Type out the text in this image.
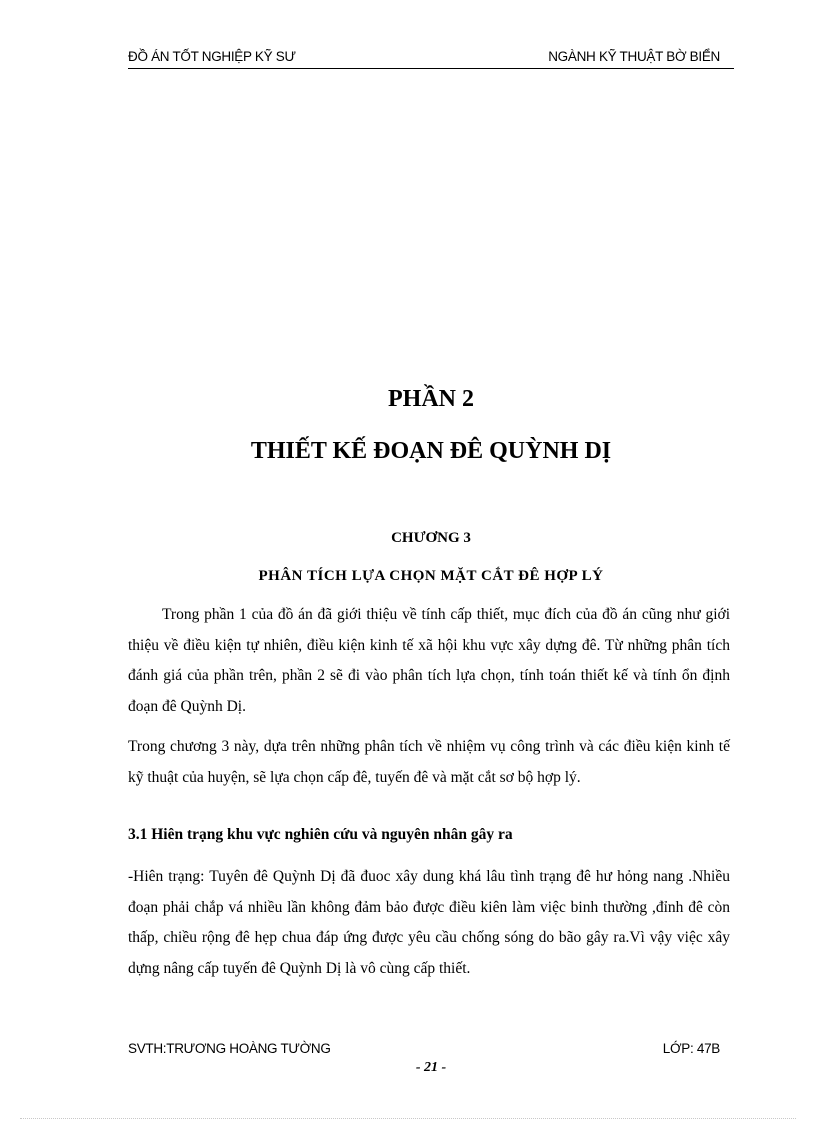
ĐỒ ÁN TỐT NGHIỆP KỸ SƯ	NGÀNH KỸ THUẬT BỜ BIỂN
PHẦN 2
THIẾT KẾ ĐOẠN ĐÊ QUỲNH DỊ
CHƯƠNG 3
PHÂN TÍCH LỰA CHỌN MẶT CẮT ĐÊ HỢP LÝ
Trong phần 1 của đồ án đã giới thiệu về tính cấp thiết, mục đích của đồ án cũng như giới thiệu về điều kiện tự nhiên, điều kiện kinh tế xã hội khu vực xây dựng đê. Từ những phân tích đánh giá của phần trên, phần 2 sẽ đi vào phân tích lựa chọn, tính toán thiết kế và tính ổn định đoạn đê Quỳnh Dị.
Trong chương 3 này, dựa trên những phân tích về nhiệm vụ công trình và các điều kiện kinh tế kỹ thuật của huyện, sẽ lựa chọn cấp đê, tuyến đê và mặt cắt sơ bộ hợp lý.
3.1 Hiên trạng khu vực nghiên cứu và nguyên nhân gây ra
-Hiên trạng: Tuyên đê Quỳnh Dị đã đuoc xây dung khá lâu tình trạng đê hư hỏng nang .Nhiều đoạn phải chắp vá nhiều lần không đảm bảo được điều kiên làm việc binh thường ,đỉnh đê còn thấp, chiều rộng đê hẹp chua đáp ứng được yêu cầu chống sóng do bão gây ra.Vì vậy việc xây dựng nâng cấp tuyến đê Quỳnh Dị là vô cùng cấp thiết.
SVTH:TRƯƠNG HOÀNG TƯỜNG	LỚP: 47B
- 21 -
